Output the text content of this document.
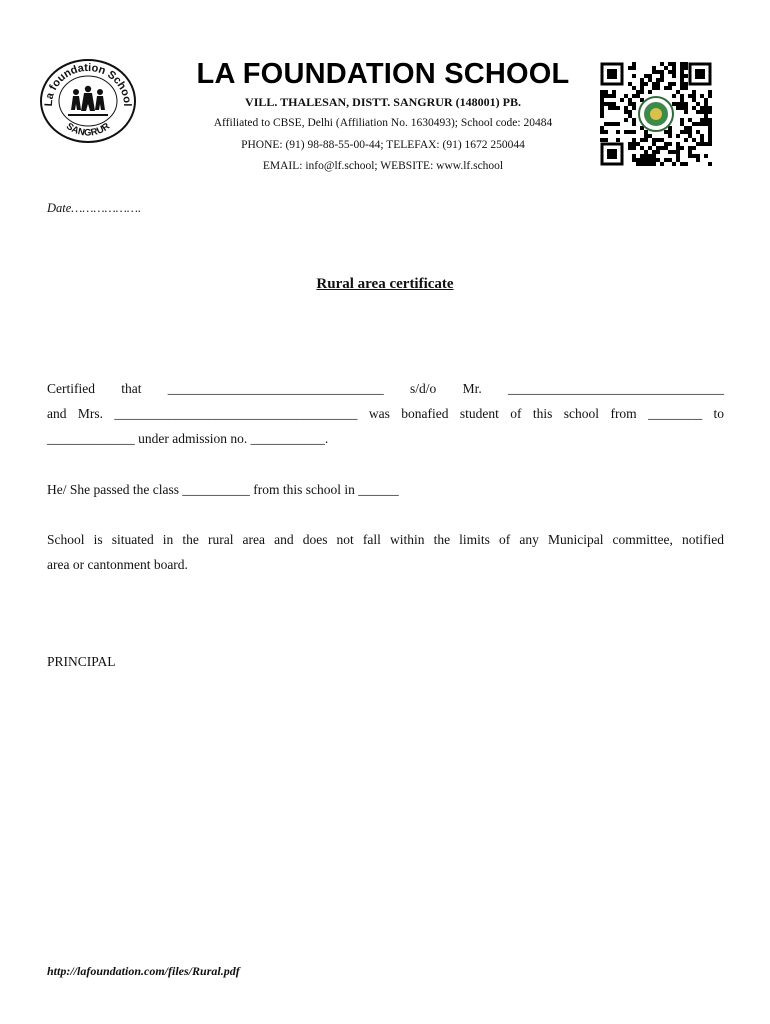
La foundation School
SANGRUR
LA FOUNDATION SCHOOL
VILL. THALESAN, DISTT. SANGRUR (148001) PB.
Affiliated to CBSE, Delhi (Affiliation No. 1630493); School code: 20484
PHONE: (91) 98-88-55-00-44; TELEFAX: (91) 1672 250044
EMAIL: info@lf.school; WEBSITE: www.lf.school
Date……………….
Rural area certificate
Certified that ________________________________ s/d/o Mr. ________________________________
and Mrs. ____________________________________ was bonafied student of this school from ________ to
_____________ under admission no. ___________.
He/ She passed the class __________ from this school in ______
School is situated in the rural area and does not fall within the limits of any Municipal committee, notified
area or cantonment board.
PRINCIPAL
http://lafoundation.com/files/Rural.pdf
